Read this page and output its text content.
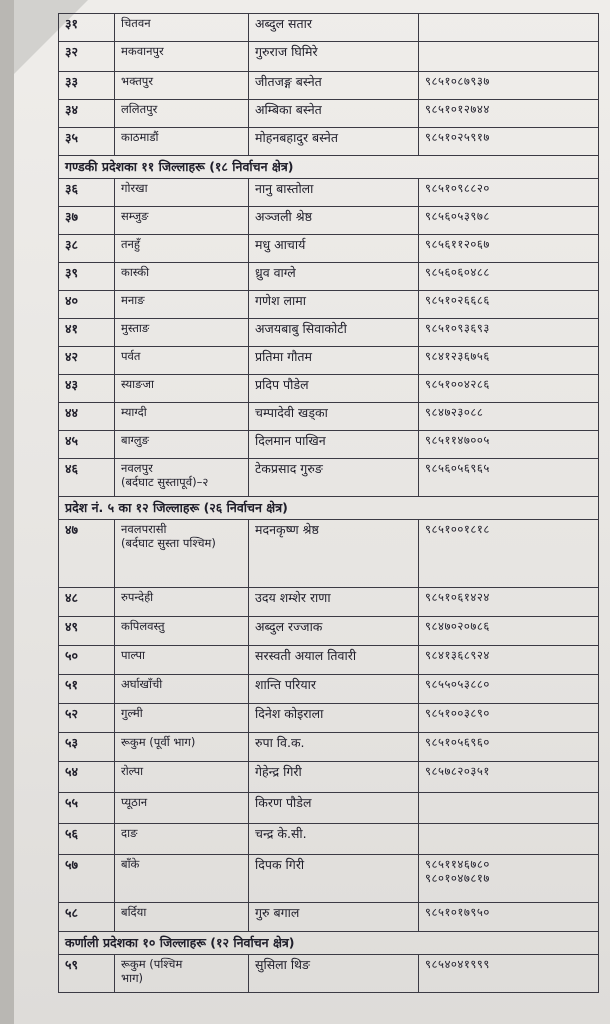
३१	चितवन	अब्दुल सतार	

३२	मकवानपुर	गुरुराज घिमिरे	

३३	भक्तपुर	जीतजङ्ग बस्नेत	९८५१०८७९३७

३४	ललितपुर	अम्बिका बस्नेत	९८५१०१२७४४

३५	काठमाडौं	मोहनबहादुर बस्नेत	९८५१०२५९१७

गण्डकी प्रदेशका ११ जिल्लाहरू (१८ निर्वाचन क्षेत्र)			
३६	गोरखा	नानु बास्तोला	९८५१०९८८२०

३७	सम्जुङ	अञ्जली श्रेष्ठ	९८५६०५३९७८

३८	तनहुँ	मधु आचार्य	९८५६११२०६७

३९	कास्की	ध्रुव वाग्ले	९८५६०६०४८८

४०	मनाङ	गणेश लामा	९८५१०२६६८६

४१	मुस्ताङ	अजयबाबु सिवाकोटी	९८५१०९३६९३

४२	पर्वत	प्रतिमा गौतम	९८४१२३६७५६

४३	स्याङजा	प्रदिप पौडेल	९८५१००४२८६

४४	म्याग्दी	चम्पादेवी खड्का	९८४७२३०८८

४५	बाग्लुङ	दिलमान पाखिन	९८५११४७००५

४६	नवलपुर
(बर्दघाट सुस्तापूर्व)–२	टेकप्रसाद गुरुङ	९८५६०५६९६५

प्रदेश नं. ५ का १२ जिल्लाहरू (२६ निर्वाचन क्षेत्र)			
४७	नवलपरासी
(बर्दघाट सुस्ता पश्चिम)	मदनकृष्ण श्रेष्ठ	९८५१००१८१८

४८	रुपन्देही	उदय शम्शेर राणा	९८५१०६१४२४

४९	कपिलवस्तु	अब्दुल रज्जाक	९८४७०२०७८६

५०	पाल्पा	सरस्वती अयाल तिवारी	९८४१३६८९२४

५१	अर्घाखाँची	शान्ति परियार	९८५५०५३८८०

५२	गुल्मी	दिनेश कोइराला	९८५१००३८९०

५३	रूकुम (पूर्वी भाग)	रुपा वि.क.	९८५१०५६९६०

५४	रोल्पा	गेहेन्द्र गिरी	९८५७८२०३५१

५५	प्यूठान	किरण पौडेल	

५६	दाङ	चन्द्र के.सी.	

५७	बाँके	दिपक गिरी	९८५११४६७८०
९८०१०४७८१७

५८	बर्दिया	गुरु बगाल	९८५१०१७९५०

कर्णाली प्रदेशका १० जिल्लाहरू (१२ निर्वाचन क्षेत्र)			
५९	रूकुम (पश्चिम
भाग)	सुसिला थिङ	९८५४०४१९९९
